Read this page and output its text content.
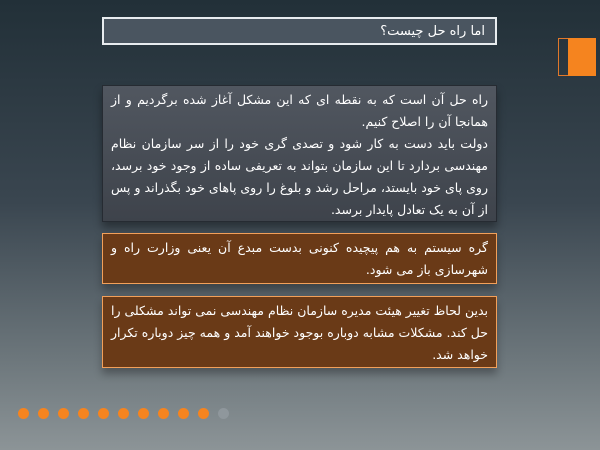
اما راه حل چیست؟
راه حل آن است که به نقطه ای که این مشکل آغاز شده برگردیم و از همانجا آن را اصلاح کنیم.
دولت باید دست به کار شود و تصدی گری خود را از سر سازمان نظام مهندسی بردارد تا این سازمان بتواند به تعریفی ساده از وجود خود برسد، روی پای خود بایستد، مراحل رشد و بلوغ را روی پاهای خود بگذراند و پس از آن به یک تعادل پایدار برسد.
گره سیستم به هم پیچیده کنونی بدست مبدع آن یعنی وزارت راه و شهرسازی باز می شود.
بدین لحاظ تغییر هیئت مدیره سازمان نظام مهندسی نمی تواند مشکلی را حل کند. مشکلات مشابه دوباره بوجود خواهند آمد و همه چیز دوباره تکرار خواهد شد.
